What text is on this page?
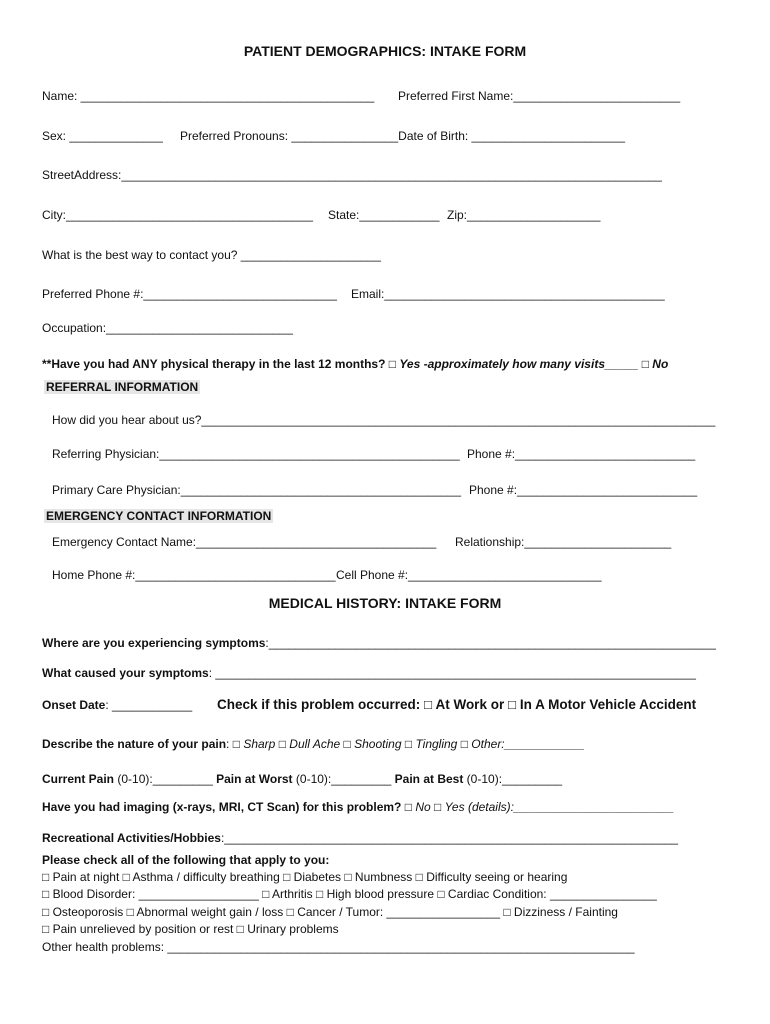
PATIENT DEMOGRAPHICS: INTAKE FORM
Name: ____________________________________________ Preferred First Name:_________________________
Sex: ______________ Preferred Pronouns: ________________Date of Birth: _______________________
StreetAddress:_________________________________________________________________________________
City:_____________________________________ State:____________ Zip:____________________
What is the best way to contact you? _____________________
Preferred Phone #:_____________________________ Email:__________________________________________
Occupation:____________________________
**Have you had ANY physical therapy in the last 12 months? □ Yes -approximately how many visits_____ □ No
REFERRAL INFORMATION
How did you hear about us?_____________________________________________________________________________
Referring Physician:_____________________________________________ Phone #:___________________________
Primary Care Physician:__________________________________________ Phone #:___________________________
EMERGENCY CONTACT INFORMATION
Emergency Contact Name:____________________________________ Relationship:______________________
Home Phone #:______________________________ Cell Phone #:_____________________________
MEDICAL HISTORY: INTAKE FORM
Where are you experiencing symptoms:___________________________________________________________________
What caused your symptoms: ________________________________________________________________________
Onset Date: ____________ Check if this problem occurred: □ At Work or □ In A Motor Vehicle Accident
Describe the nature of your pain: □ Sharp □ Dull Ache □ Shooting □ Tingling □ Other:____________
Current Pain (0-10):_________ Pain at Worst (0-10):_________ Pain at Best (0-10):_________
Have you had imaging (x-rays, MRI, CT Scan) for this problem? □ No □ Yes (details):________________________
Recreational Activities/Hobbies:____________________________________________________________________
Please check all of the following that apply to you:
□ Pain at night □ Asthma / difficulty breathing □ Diabetes □ Numbness □ Difficulty seeing or hearing
□ Blood Disorder: __________________ □ Arthritis □ High blood pressure □ Cardiac Condition: ________________
□ Osteoporosis □ Abnormal weight gain / loss □ Cancer / Tumor: _________________ □ Dizziness / Fainting
□ Pain unrelieved by position or rest □ Urinary problems
Other health problems: ______________________________________________________________________
